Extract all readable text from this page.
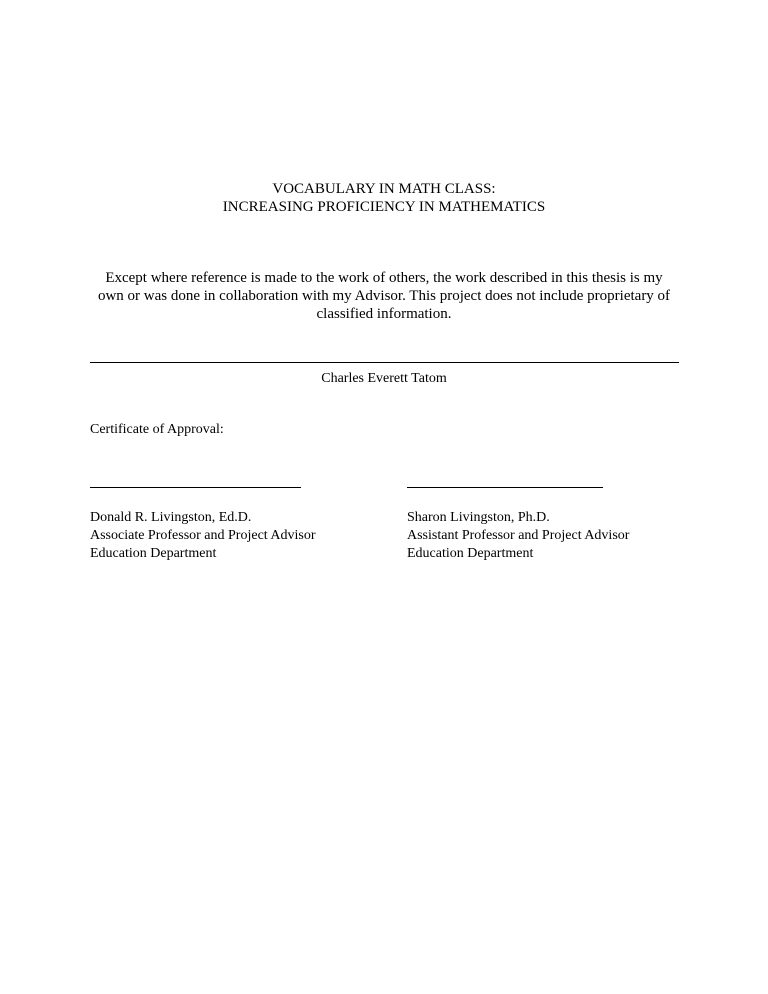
VOCABULARY IN MATH CLASS:
INCREASING PROFICIENCY IN MATHEMATICS
Except where reference is made to the work of others, the work described in this thesis is my
own or was done in collaboration with my Advisor. This project does not include proprietary of
classified information.
Charles Everett Tatom
Certificate of Approval:
Donald R. Livingston, Ed.D.
Associate Professor and Project Advisor
Education Department
Sharon Livingston, Ph.D.
Assistant Professor and Project Advisor
Education Department
